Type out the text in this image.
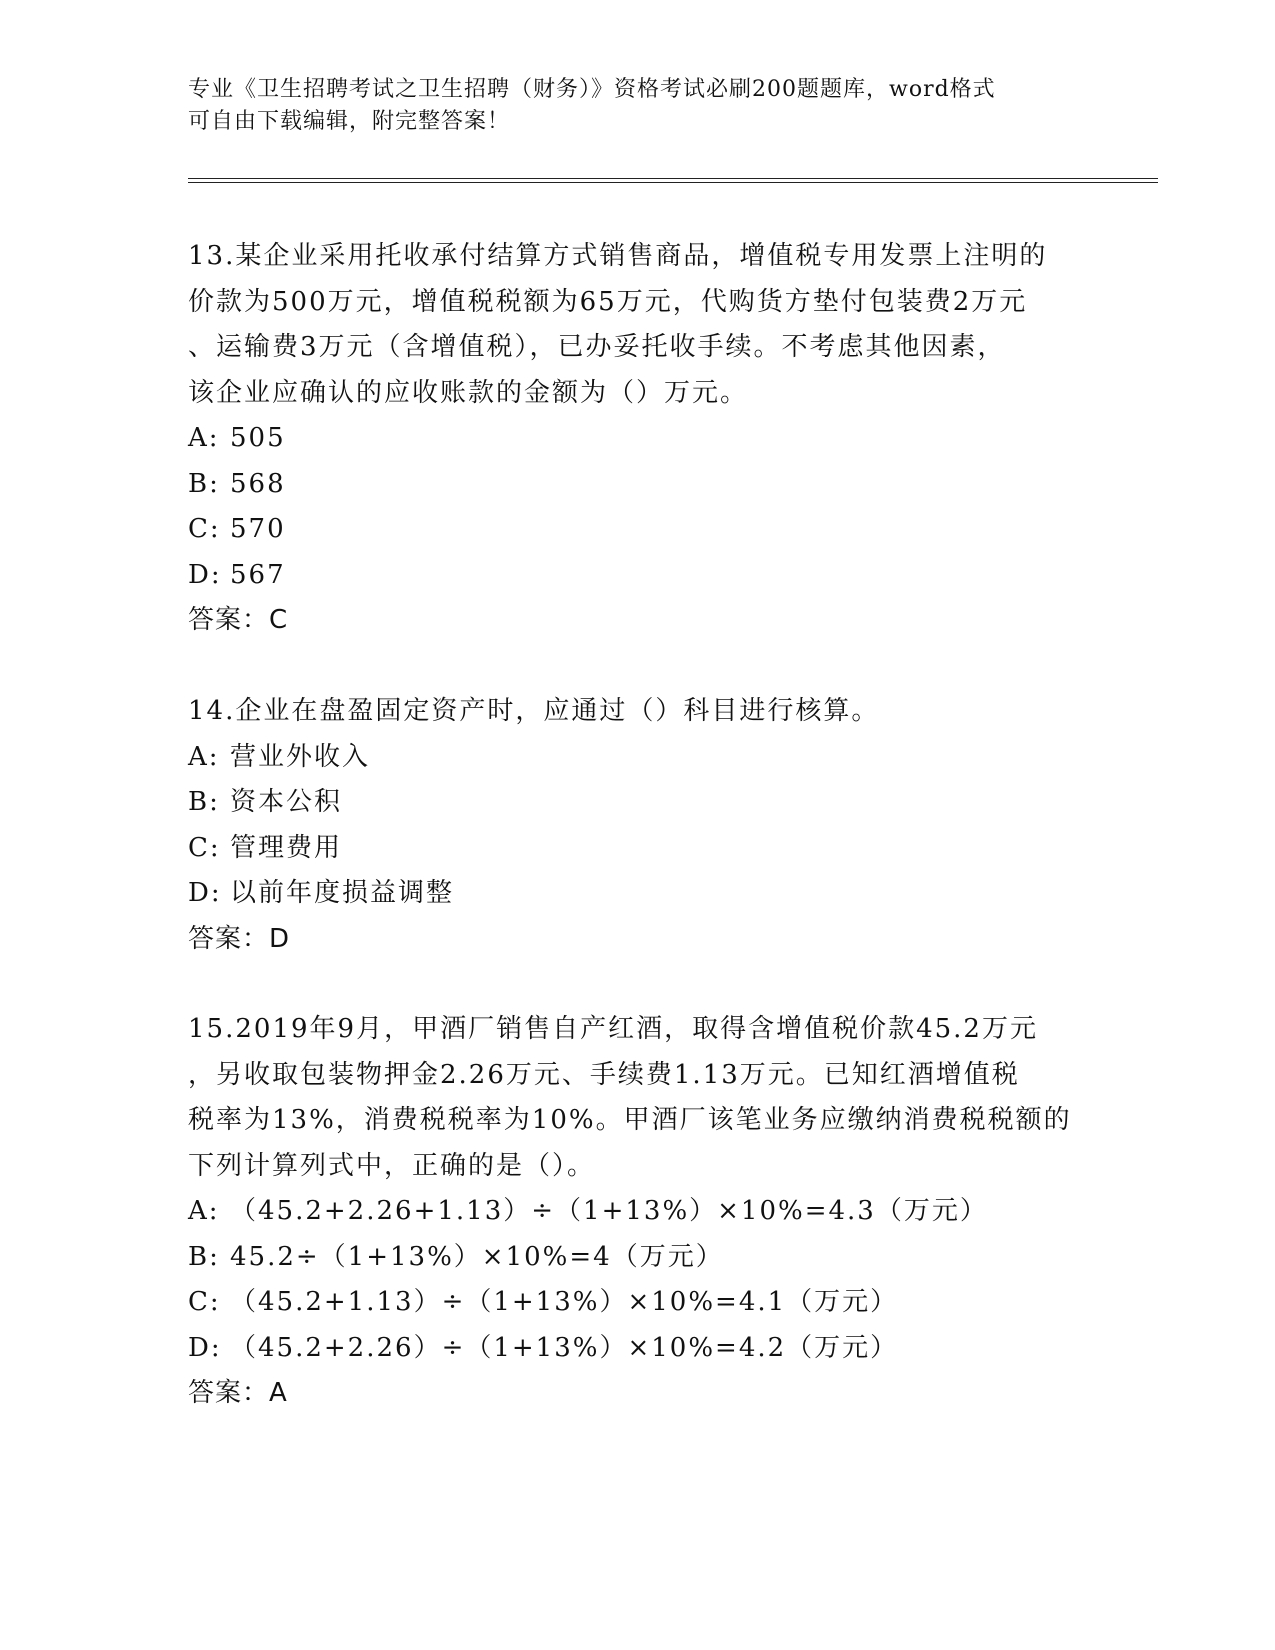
专业《卫生招聘考试之卫生招聘（财务）》资格考试必刷200题题库，word格式
可自由下载编辑，附完整答案！

13.某企业采用托收承付结算方式销售商品，增值税专用发票上注明的

价款为500万元，增值税税额为65万元，代购货方垫付包装费2万元

、运输费3万元（含增值税），已办妥托收手续。不考虑其他因素，

该企业应确认的应收账款的金额为（）万元。

A: 505

B: 568

C: 570

D: 567

答案：C

14.企业在盘盈固定资产时，应通过（）科目进行核算。

A: 营业外收入

B: 资本公积

C: 管理费用

D: 以前年度损益调整

答案：D

15.2019年9月，甲酒厂销售自产红酒，取得含增值税价款45.2万元

，另收取包装物押金2.26万元、手续费1.13万元。已知红酒增值税

税率为13%，消费税税率为10%。甲酒厂该笔业务应缴纳消费税税额的

下列计算列式中，正确的是（）。

A: （45.2+2.26+1.13）÷（1+13%）×10%=4.3（万元）

B: 45.2÷（1+13%）×10%=4（万元）

C: （45.2+1.13）÷（1+13%）×10%=4.1（万元）

D: （45.2+2.26）÷（1+13%）×10%=4.2（万元）

答案：A
